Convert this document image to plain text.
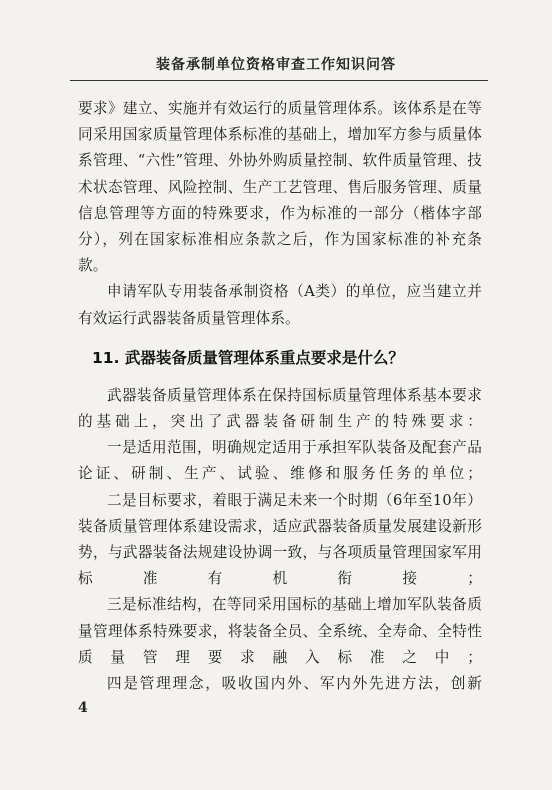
装备承制单位资格审查工作知识问答

要求》建立、实施并有效运行的质量管理体系。该体系是在等同采用国家质量管理体系标准的基础上，增加军方参与质量体系管理、“六性”管理、外协外购质量控制、软件质量管理、技术状态管理、风险控制、生产工艺管理、售后服务管理、质量信息管理等方面的特殊要求，作为标准的一部分（楷体字部分），列在国家标准相应条款之后，作为国家标准的补充条款。

申请军队专用装备承制资格（A类）的单位，应当建立并有效运行武器装备质量管理体系。

11. 武器装备质量管理体系重点要求是什么？

武器装备质量管理体系在保持国标质量管理体系基本要求的基础上，突出了武器装备研制生产的特殊要求：

一是适用范围，明确规定适用于承担军队装备及配套产品论证、研制、生产、试验、维修和服务任务的单位；

二是目标要求，着眼于满足未来一个时期（6年至10年）装备质量管理体系建设需求，适应武器装备质量发展建设新形势，与武器装备法规建设协调一致，与各项质量管理国家军用标准有机衔接；

三是标准结构，在等同采用国标的基础上增加军队装备质量管理体系特殊要求，将装备全员、全系统、全寿命、全特性质量管理要求融入标准之中；

四是管理理念，吸收国内外、军内外先进方法，创新

4
